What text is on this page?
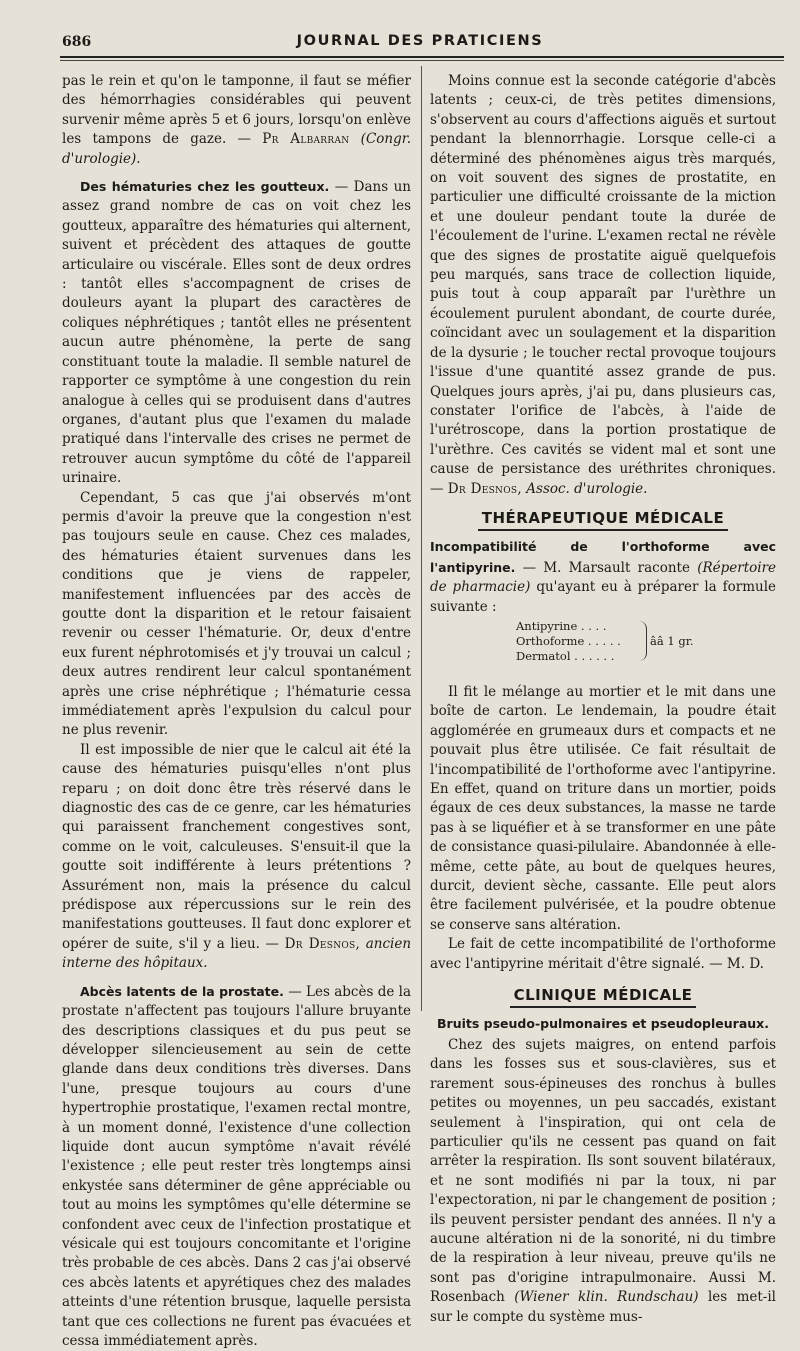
686	JOURNAL DES PRATICIENS

pas le rein et qu'on le tamponne, il faut se méfier des hémorrhagies considérables qui peuvent survenir même après 5 et 6 jours, lorsqu'on enlève les tampons de gaze. — Pr Albarran (Congr. d'urologie).

Des hématuries chez les goutteux. — Dans un assez grand nombre de cas on voit chez les goutteux, apparaître des hématuries qui alternent, suivent et précèdent des attaques de goutte articulaire ou viscérale. Elles sont de deux ordres : tantôt elles s'accompagnent de crises de douleurs ayant la plupart des caractères de coliques néphrétiques ; tantôt elles ne présentent aucun autre phénomène, la perte de sang constituant toute la maladie. Il semble naturel de rapporter ce symptôme à une congestion du rein analogue à celles qui se produisent dans d'autres organes, d'autant plus que l'examen du malade pratiqué dans l'intervalle des crises ne permet de retrouver aucun symptôme du côté de l'appareil urinaire.

Cependant, 5 cas que j'ai observés m'ont permis d'avoir la preuve que la congestion n'est pas toujours seule en cause. Chez ces malades, des hématuries étaient survenues dans les conditions que je viens de rappeler, manifestement influencées par des accès de goutte dont la disparition et le retour faisaient revenir ou cesser l'hématurie. Or, deux d'entre eux furent néphrotomisés et j'y trouvai un calcul ; deux autres rendirent leur calcul spontanément après une crise néphrétique ; l'hématurie cessa immédiatement après l'expulsion du calcul pour ne plus revenir.

Il est impossible de nier que le calcul ait été la cause des hématuries puisqu'elles n'ont plus reparu ; on doit donc être très réservé dans le diagnostic des cas de ce genre, car les hématuries qui paraissent franchement congestives sont, comme on le voit, calculeuses. S'ensuit-il que la goutte soit indifférente à leurs prétentions ? Assurément non, mais la présence du calcul prédispose aux répercussions sur le rein des manifestations goutteuses. Il faut donc explorer et opérer de suite, s'il y a lieu. — Dr Desnos, ancien interne des hôpitaux.

Abcès latents de la prostate. — Les abcès de la prostate n'affectent pas toujours l'allure bruyante des descriptions classiques et du pus peut se développer silencieusement au sein de cette glande dans deux conditions très diverses. Dans l'une, presque toujours au cours d'une hypertrophie prostatique, l'examen rectal montre, à un moment donné, l'existence d'une collection liquide dont aucun symptôme n'avait révélé l'existence ; elle peut rester très longtemps ainsi enkystée sans déterminer de gêne appréciable ou tout au moins les symptômes qu'elle détermine se confondent avec ceux de l'infection prostatique et vésicale qui est toujours concomitante et l'origine très probable de ces abcès. Dans 2 cas j'ai observé ces abcès latents et apyrétiques chez des malades atteints d'une rétention brusque, laquelle persista tant que ces collections ne furent pas évacuées et cessa immédiatement après.

Moins connue est la seconde catégorie d'abcès latents ; ceux-ci, de très petites dimensions, s'observent au cours d'affections aiguës et surtout pendant la blennorrhagie. Lorsque celle-ci a déterminé des phénomènes aigus très marqués, on voit souvent des signes de prostatite, en particulier une difficulté croissante de la miction et une douleur pendant toute la durée de l'écoulement de l'urine. L'examen rectal ne révèle que des signes de prostatite aiguë quelquefois peu marqués, sans trace de collection liquide, puis tout à coup apparaît par l'urèthre un écoulement purulent abondant, de courte durée, coïncidant avec un soulagement et la disparition de la dysurie ; le toucher rectal provoque toujours l'issue d'une quantité assez grande de pus. Quelques jours après, j'ai pu, dans plusieurs cas, constater l'orifice de l'abcès, à l'aide de l'urétroscope, dans la portion prostatique de l'urèthre. Ces cavités se vident mal et sont une cause de persistance des uréthrites chroniques. — Dr Desnos, Assoc. d'urologie.

THÉRAPEUTIQUE MÉDICALE

Incompatibilité de l'orthoforme avec l'antipyrine. — M. Marsault raconte (Répertoire de pharmacie) qu'ayant eu à préparer la formule suivante :

Antipyrine . . . .
Orthoforme . . . . .
Dermatol . . . . . .
ââ 1 gr.

Il fit le mélange au mortier et le mit dans une boîte de carton. Le lendemain, la poudre était agglomérée en grumeaux durs et compacts et ne pouvait plus être utilisée. Ce fait résultait de l'incompatibilité de l'orthoforme avec l'antipyrine. En effet, quand on triture dans un mortier, poids égaux de ces deux substances, la masse ne tarde pas à se liquéfier et à se transformer en une pâte de consistance quasi-pilulaire. Abandonnée à elle-même, cette pâte, au bout de quelques heures, durcit, devient sèche, cassante. Elle peut alors être facilement pulvérisée, et la poudre obtenue se conserve sans altération.

Le fait de cette incompatibilité de l'orthoforme avec l'antipyrine méritait d'être signalé. — M. D.

CLINIQUE MÉDICALE
Bruits pseudo-pulmonaires et pseudopleuraux.

Chez des sujets maigres, on entend parfois dans les fosses sus et sous-clavières, sus et rarement sous-épineuses des ronchus à bulles petites ou moyennes, un peu saccadés, existant seulement à l'inspiration, qui ont cela de particulier qu'ils ne cessent pas quand on fait arrêter la respiration. Ils sont souvent bilatéraux, et ne sont modifiés ni par la toux, ni par l'expectoration, ni par le changement de position ; ils peuvent persister pendant des années. Il n'y a aucune altération ni de la sonorité, ni du timbre de la respiration à leur niveau, preuve qu'ils ne sont pas d'origine intrapulmonaire. Aussi M. Rosenbach (Wiener klin. Rundschau) les met-il sur le compte du système mus-
